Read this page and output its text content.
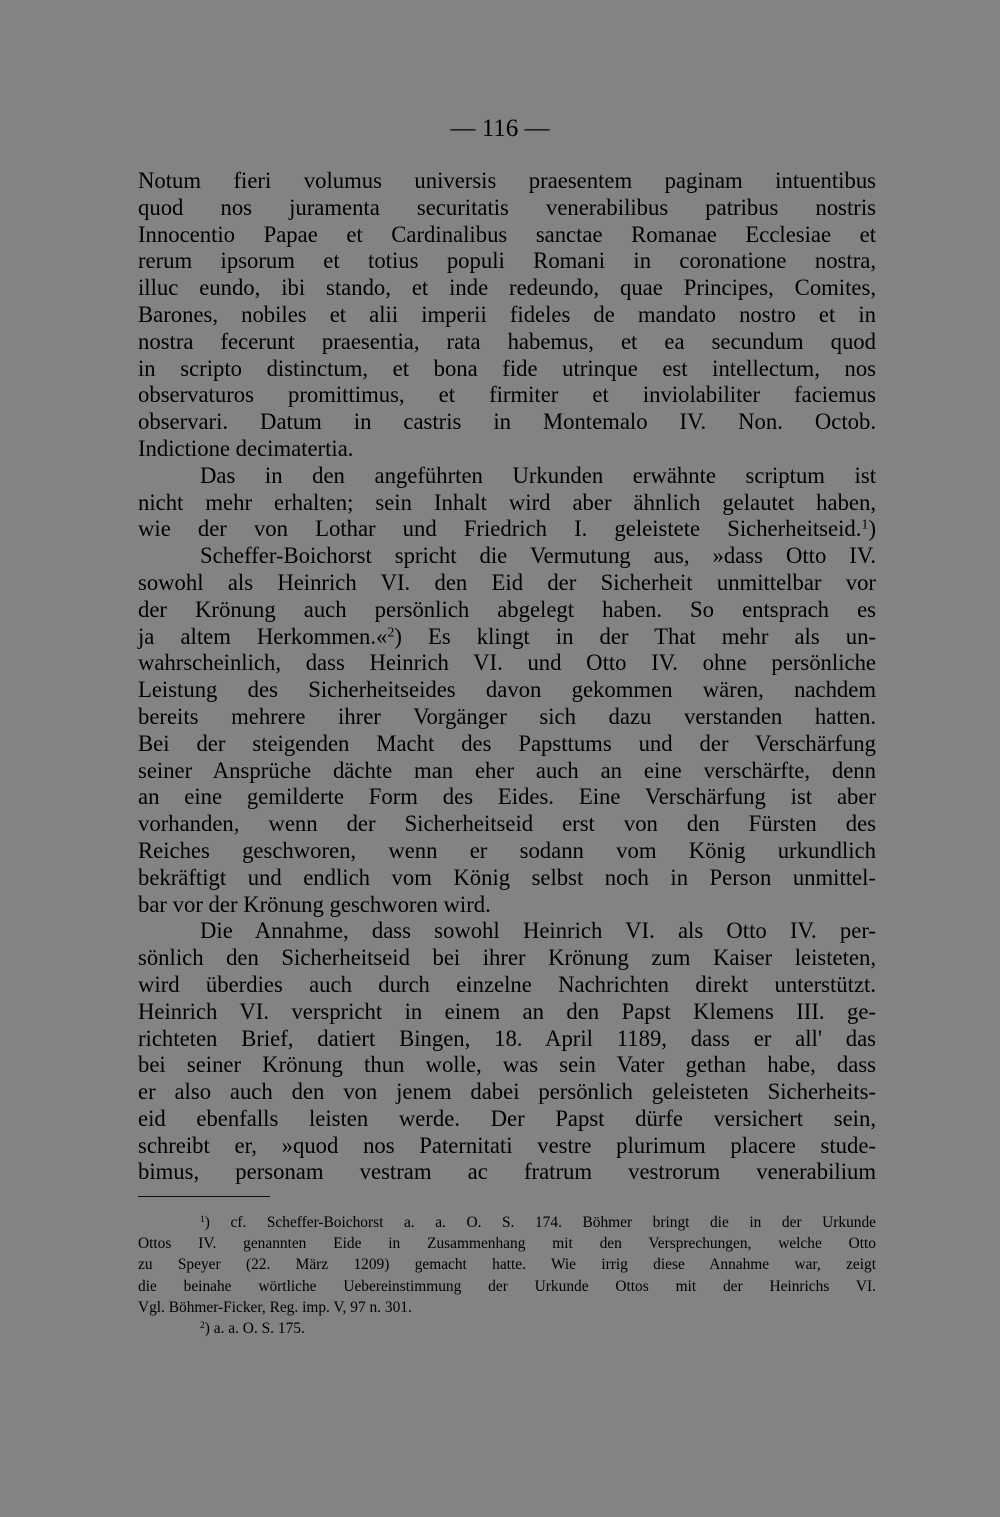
— 116 —
Notum fieri volumus universis praesentem paginam intuentibus
quod nos juramenta securitatis venerabilibus patribus nostris
Innocentio Papae et Cardinalibus sanctae Romanae Ecclesiae et
rerum ipsorum et totius populi Romani in coronatione nostra,
illuc eundo, ibi stando, et inde redeundo, quae Principes, Comites,
Barones, nobiles et alii imperii fideles de mandato nostro et in
nostra fecerunt praesentia, rata habemus, et ea secundum quod
in scripto distinctum, et bona fide utrinque est intellectum, nos
observaturos promittimus, et firmiter et inviolabiliter faciemus
observari. Datum in castris in Montemalo IV. Non. Octob.
Indictione decimatertia.
Das in den angeführten Urkunden erwähnte scriptum ist
nicht mehr erhalten; sein Inhalt wird aber ähnlich gelautet haben,
wie der von Lothar und Friedrich I. geleistete Sicherheitseid.$^1$)
Scheffer-Boichorst spricht die Vermutung aus, »dass Otto IV.
sowohl als Heinrich VI. den Eid der Sicherheit unmittelbar vor
der Krönung auch persönlich abgelegt haben. So entsprach es
ja altem Herkommen.«$^2$) Es klingt in der That mehr als un-
wahrscheinlich, dass Heinrich VI. und Otto IV. ohne persönliche
Leistung des Sicherheitseides davon gekommen wären, nachdem
bereits mehrere ihrer Vorgänger sich dazu verstanden hatten.
Bei der steigenden Macht des Papsttums und der Verschärfung
seiner Ansprüche dächte man eher auch an eine verschärfte, denn
an eine gemilderte Form des Eides. Eine Verschärfung ist aber
vorhanden, wenn der Sicherheitseid erst von den Fürsten des
Reiches geschworen, wenn er sodann vom König urkundlich
bekräftigt und endlich vom König selbst noch in Person unmittel-
bar vor der Krönung geschworen wird.
Die Annahme, dass sowohl Heinrich VI. als Otto IV. per-
sönlich den Sicherheitseid bei ihrer Krönung zum Kaiser leisteten,
wird überdies auch durch einzelne Nachrichten direkt unterstützt.
Heinrich VI. verspricht in einem an den Papst Klemens III. ge-
richteten Brief, datiert Bingen, 18. April 1189, dass er all' das
bei seiner Krönung thun wolle, was sein Vater gethan habe, dass
er also auch den von jenem dabei persönlich geleisteten Sicherheits-
eid ebenfalls leisten werde. Der Papst dürfe versichert sein,
schreibt er, »quod nos Paternitati vestre plurimum placere stude-
bimus, personam vestram ac fratrum vestrorum venerabilium
$^1$) cf. Scheffer-Boichorst a. a. O. S. 174. Böhmer bringt die in der Urkunde
Ottos IV. genannten Eide in Zusammenhang mit den Versprechungen, welche Otto
zu Speyer (22. März 1209) gemacht hatte. Wie irrig diese Annahme war, zeigt
die beinahe wörtliche Uebereinstimmung der Urkunde Ottos mit der Heinrichs VI.
Vgl. Böhmer-Ficker, Reg. imp. V, 97 n. 301.
$^2$) a. a. O. S. 175.
